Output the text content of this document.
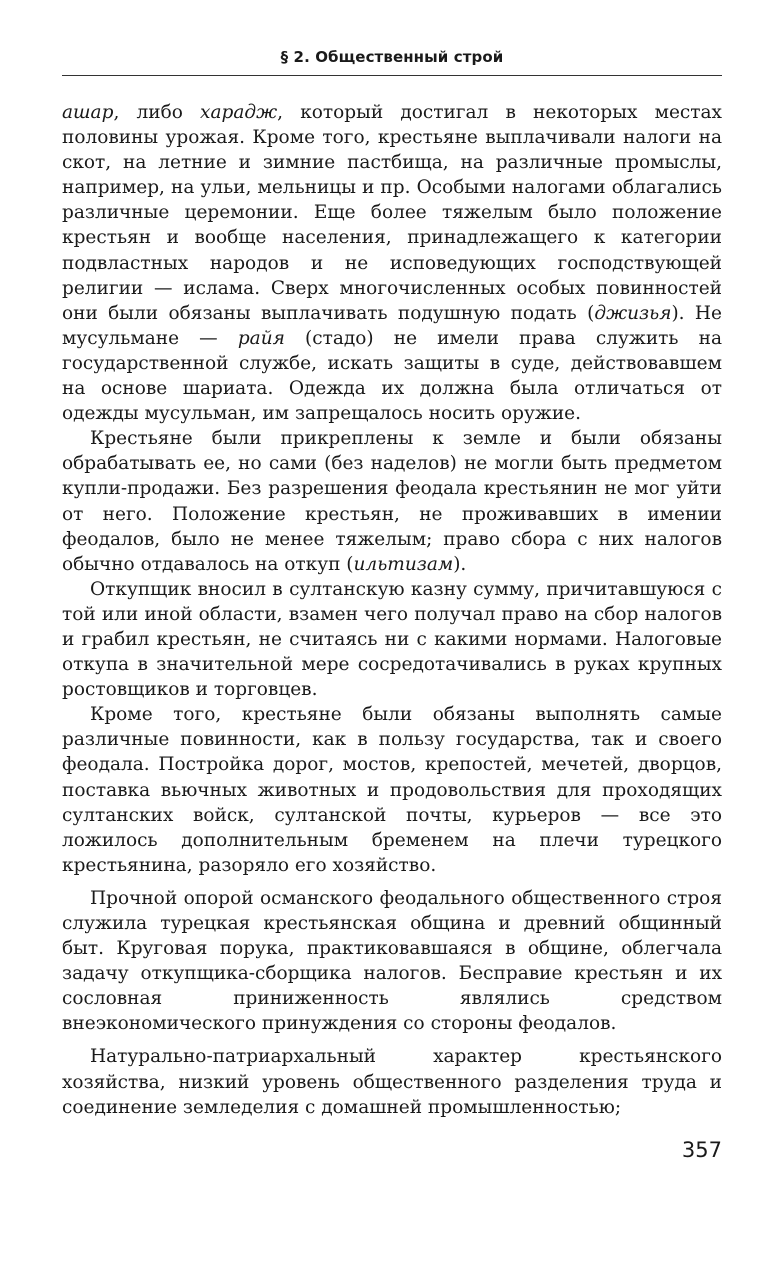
§ 2. Общественный строй

ашар, либо харадж, который достигал в некоторых местах половины урожая. Кроме того, крестьяне выплачивали налоги на скот, на летние и зимние пастбища, на различные промыслы, например, на ульи, мельницы и пр. Особыми налогами облагались различные церемонии. Еще более тяжелым было положение крестьян и вообще населения, принадлежащего к категории подвластных народов и не исповедующих господствующей религии — ислама. Сверх многочисленных особых повинностей они были обязаны выплачивать подушную подать (джизья). Не мусульмане — райя (стадо) не имели права служить на государственной службе, искать защиты в суде, действовавшем на основе шариата. Одежда их должна была отличаться от одежды мусульман, им запрещалось носить оружие.

Крестьяне были прикреплены к земле и были обязаны обрабатывать ее, но сами (без наделов) не могли быть предметом купли-продажи. Без разрешения феодала крестьянин не мог уйти от него. Положение крестьян, не проживавших в имении феодалов, было не менее тяжелым; право сбора с них налогов обычно отдавалось на откуп (ильтизам).

Откупщик вносил в султанскую казну сумму, причитавшуюся с той или иной области, взамен чего получал право на сбор налогов и грабил крестьян, не считаясь ни с какими нормами. Налоговые откупа в значительной мере сосредотачивались в руках крупных ростовщиков и торговцев.

Кроме того, крестьяне были обязаны выполнять самые различные повинности, как в пользу государства, так и своего феодала. Постройка дорог, мостов, крепостей, мечетей, дворцов, поставка вьючных животных и продовольствия для проходящих султанских войск, султанской почты, курьеров — все это ложилось дополнительным бременем на плечи турецкого крестьянина, разоряло его хозяйство.

Прочной опорой османского феодального общественного строя служила турецкая крестьянская община и древний общинный быт. Круговая порука, практиковавшаяся в общине, облегчала задачу откупщика-сборщика налогов. Бесправие крестьян и их сословная приниженность являлись средством внеэкономического принуждения со стороны феодалов.

Натурально-патриархальный характер крестьянского хозяйства, низкий уровень общественного разделения труда и соединение земледелия с домашней промышленностью;

357
